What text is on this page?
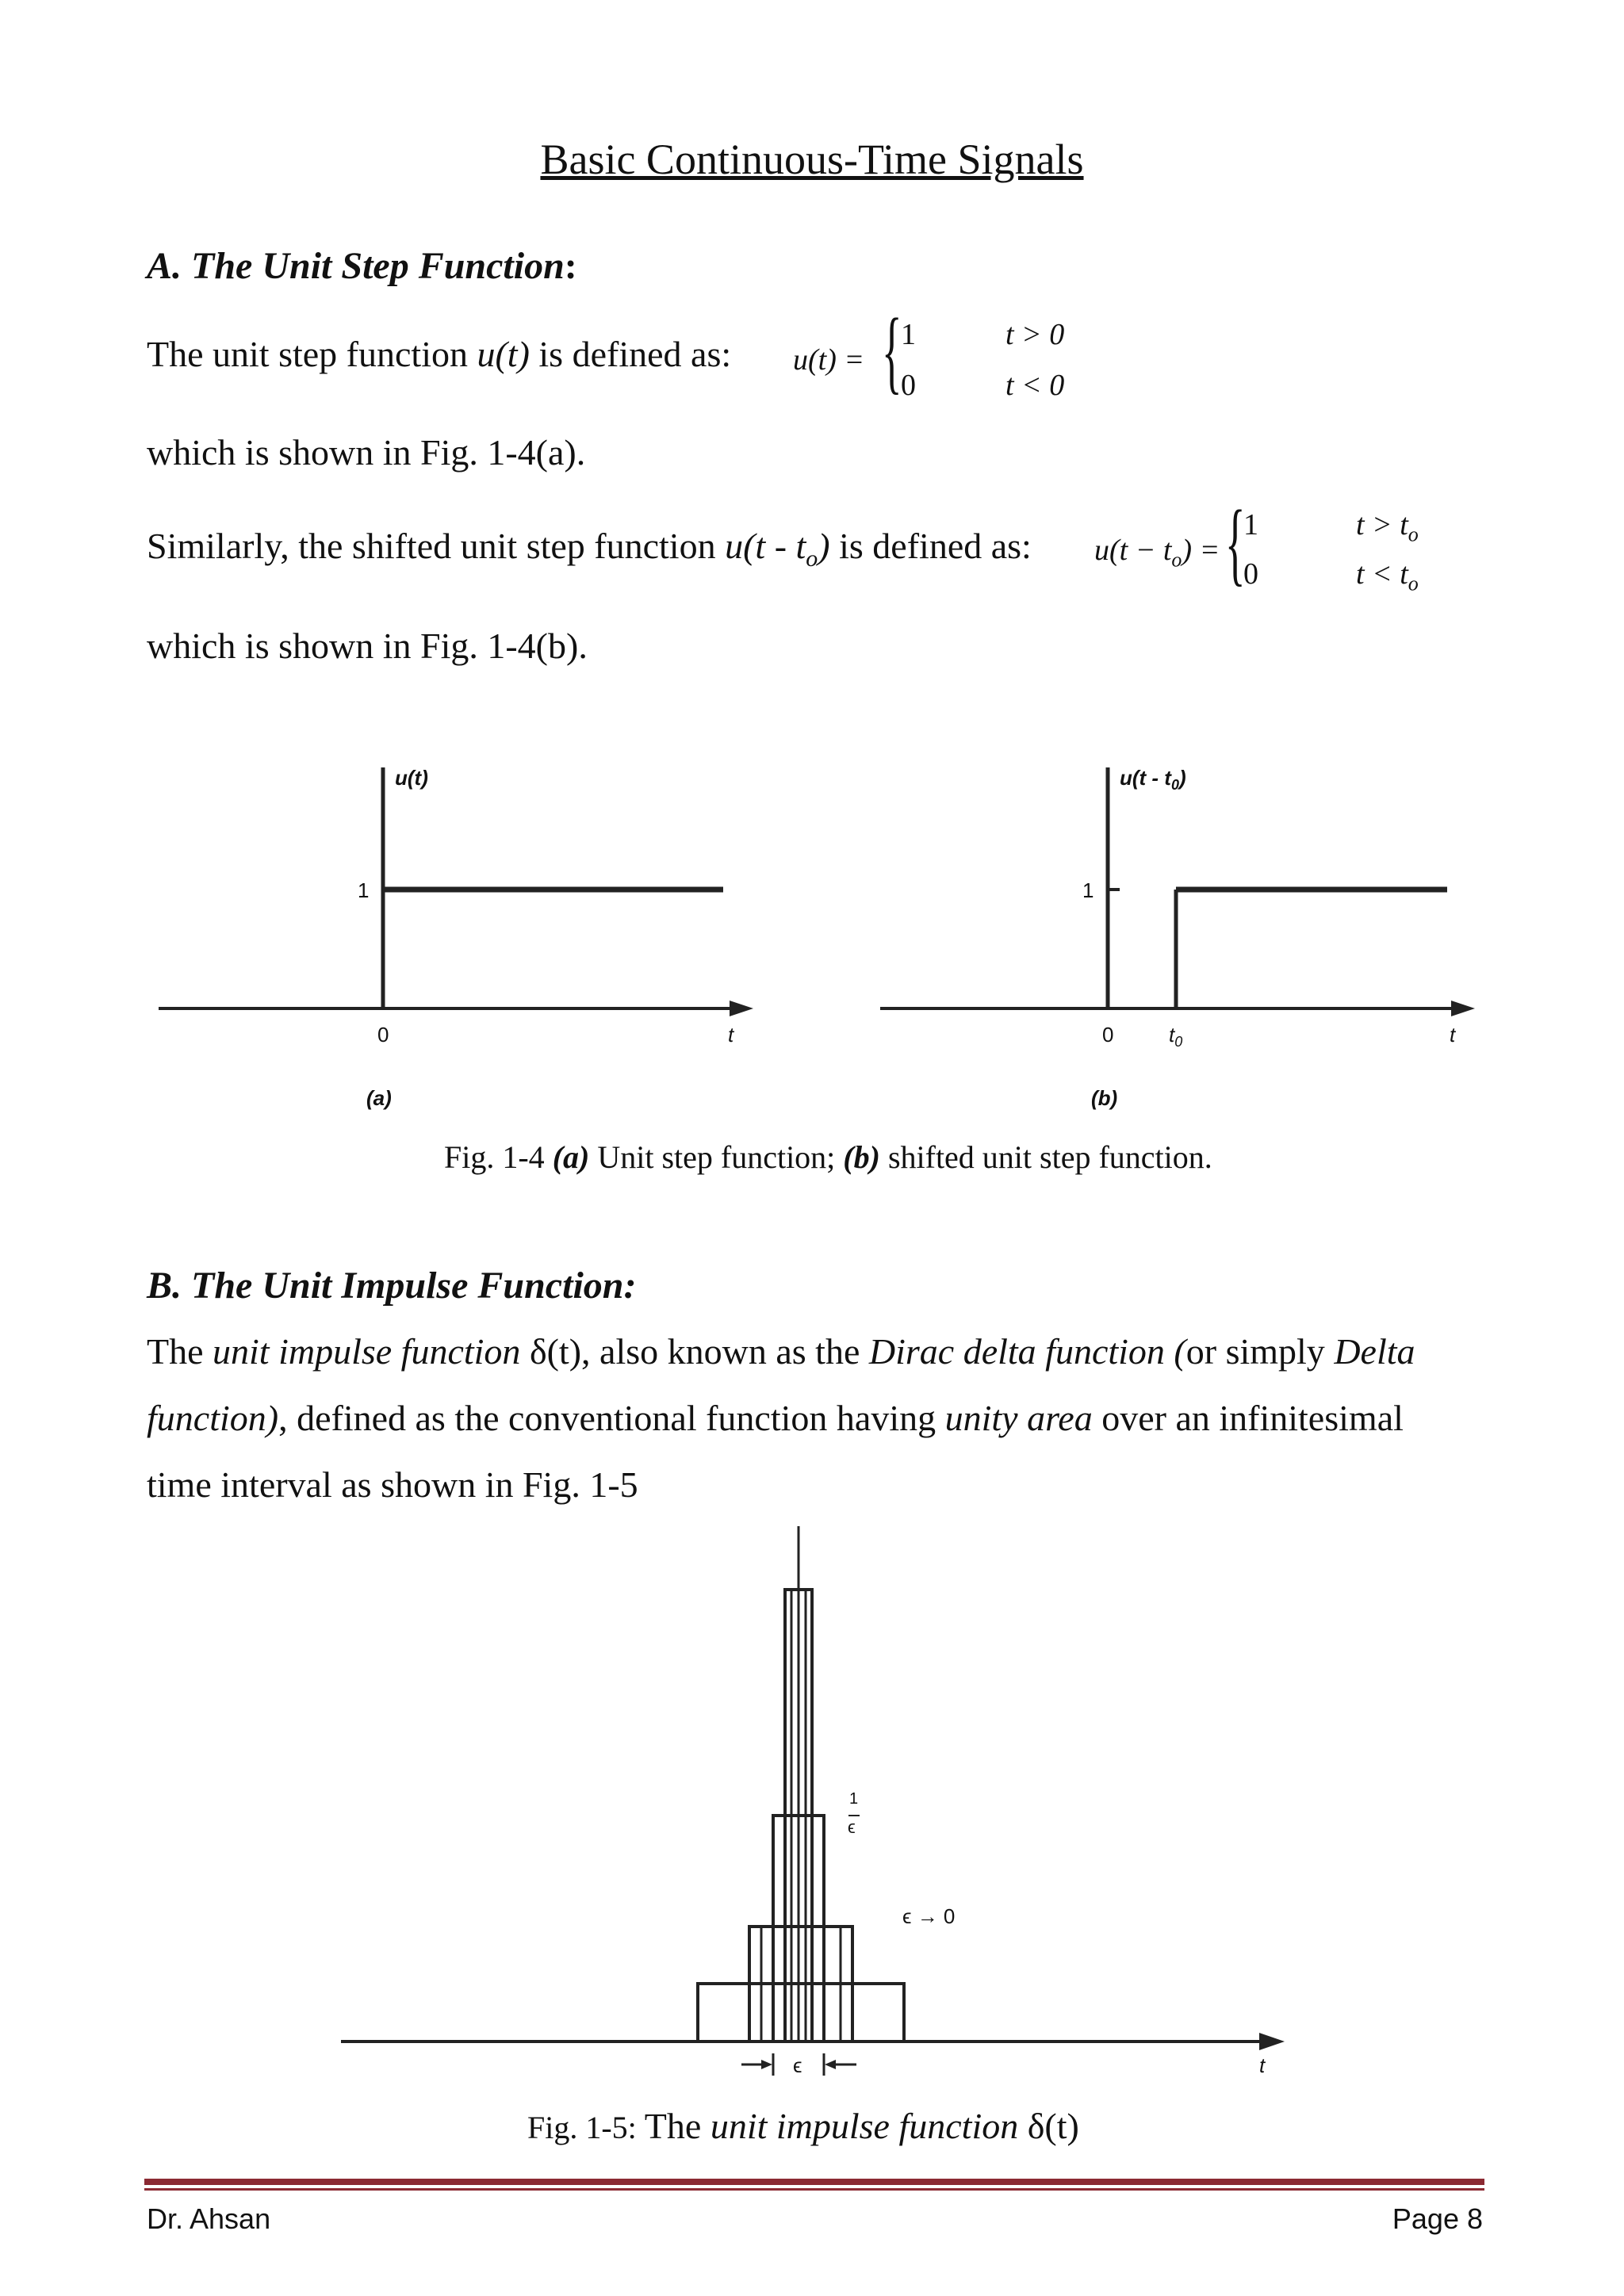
Basic Continuous-Time Signals
A. The Unit Step Function:
The unit step function u(t) is defined as: u(t) = {
1	t > 0
0	t < 0
which is shown in Fig. 1-4(a).
Similarly, the shifted unit step function $u(t - t_o)$ is defined as: $u(t - t_o)$ = {
1	$t > t_o$
0	$t < t_o$
which is shown in Fig. 1-4(b).
u(t)
1
0	t
(a)
$u(t - t_0)$
1
0	$t_0$	t
(b)
Fig. 1-4 (a) Unit step function; (b) shifted unit step function.
B. The Unit Impulse Function:
The unit impulse function δ(t), also known as the Dirac delta function (or simply Delta
function), defined as the conventional function having unity area over an infinitesimal
time interval as shown in Fig. 1-5
1
ϵ
ϵ → 0
ϵ	t
Fig. 1-5: The unit impulse function δ(t)
Dr. Ahsan	Page 8
